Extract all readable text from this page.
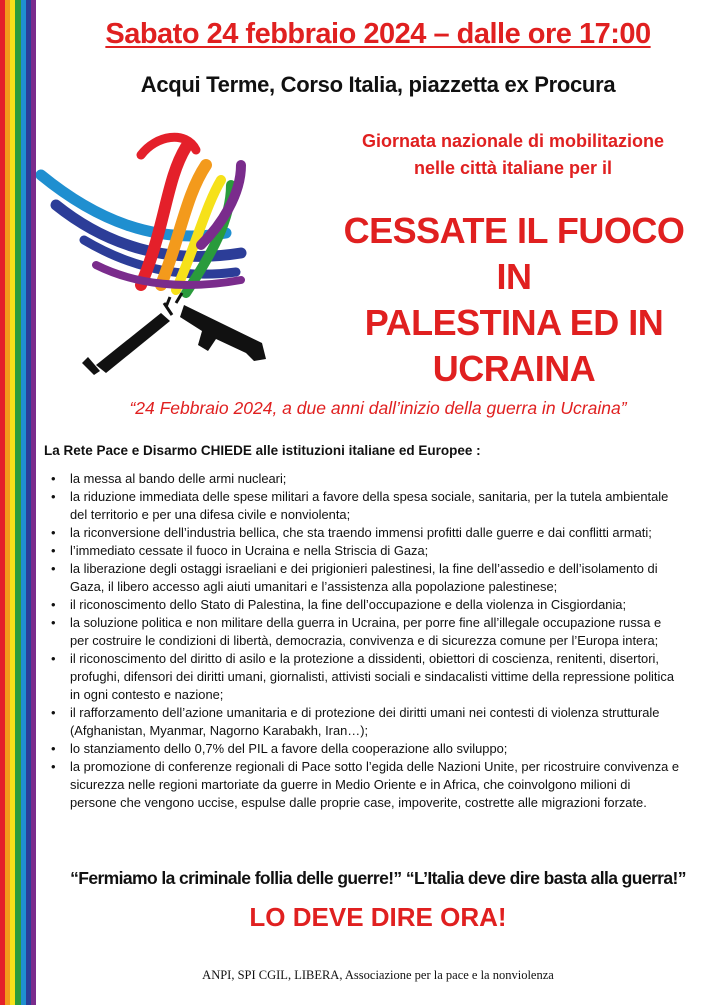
Sabato 24 febbraio 2024 – dalle ore 17:00
Acqui Terme, Corso Italia, piazzetta ex Procura
Giornata nazionale di mobilitazione
nelle città italiane per il
CESSATE IL FUOCO IN
PALESTINA ED IN
UCRAINA
“24 Febbraio 2024, a due anni dall’inizio della guerra in Ucraina”
La Rete Pace e Disarmo CHIEDE alle istituzioni italiane ed Europee :
• la messa al bando delle armi nucleari;
• la riduzione immediata delle spese militari a favore della spesa sociale, sanitaria, per la tutela ambientale del territorio e per una difesa civile e nonviolenta;
• la riconversione dell’industria bellica, che sta traendo immensi profitti dalle guerre e dai conflitti armati;
• l’immediato cessate il fuoco in Ucraina e nella Striscia di Gaza;
• la liberazione degli ostaggi israeliani e dei prigionieri palestinesi, la fine dell’assedio e dell’isolamento di Gaza, il libero accesso agli aiuti umanitari e l’assistenza alla popolazione palestinese;
• il riconoscimento dello Stato di Palestina, la fine dell’occupazione e della violenza in Cisgiordania;
• la soluzione politica e non militare della guerra in Ucraina, per porre fine all’illegale occupazione russa e per costruire le condizioni di libertà, democrazia, convivenza e di sicurezza comune per l’Europa intera;
• il riconoscimento del diritto di asilo e la protezione a dissidenti, obiettori di coscienza, renitenti, disertori, profughi, difensori dei diritti umani, giornalisti, attivisti sociali e sindacalisti vittime della repressione politica in ogni contesto e nazione;
• il rafforzamento dell’azione umanitaria e di protezione dei diritti umani nei contesti di violenza strutturale (Afghanistan, Myanmar, Nagorno Karabakh, Iran…);
• lo stanziamento dello 0,7% del PIL a favore della cooperazione allo sviluppo;
• la promozione di conferenze regionali di Pace sotto l’egida delle Nazioni Unite, per ricostruire convivenza e sicurezza nelle regioni martoriate da guerre in Medio Oriente e in Africa, che coinvolgono milioni di persone che vengono uccise, espulse dalle proprie case, impoverite, costrette alle migrazioni forzate.
“Fermiamo la criminale follia delle guerre!” “L’Italia deve dire basta alla guerra!”
LO DEVE DIRE ORA!
ANPI, SPI CGIL, LIBERA, Associazione per la pace e la nonviolenza
